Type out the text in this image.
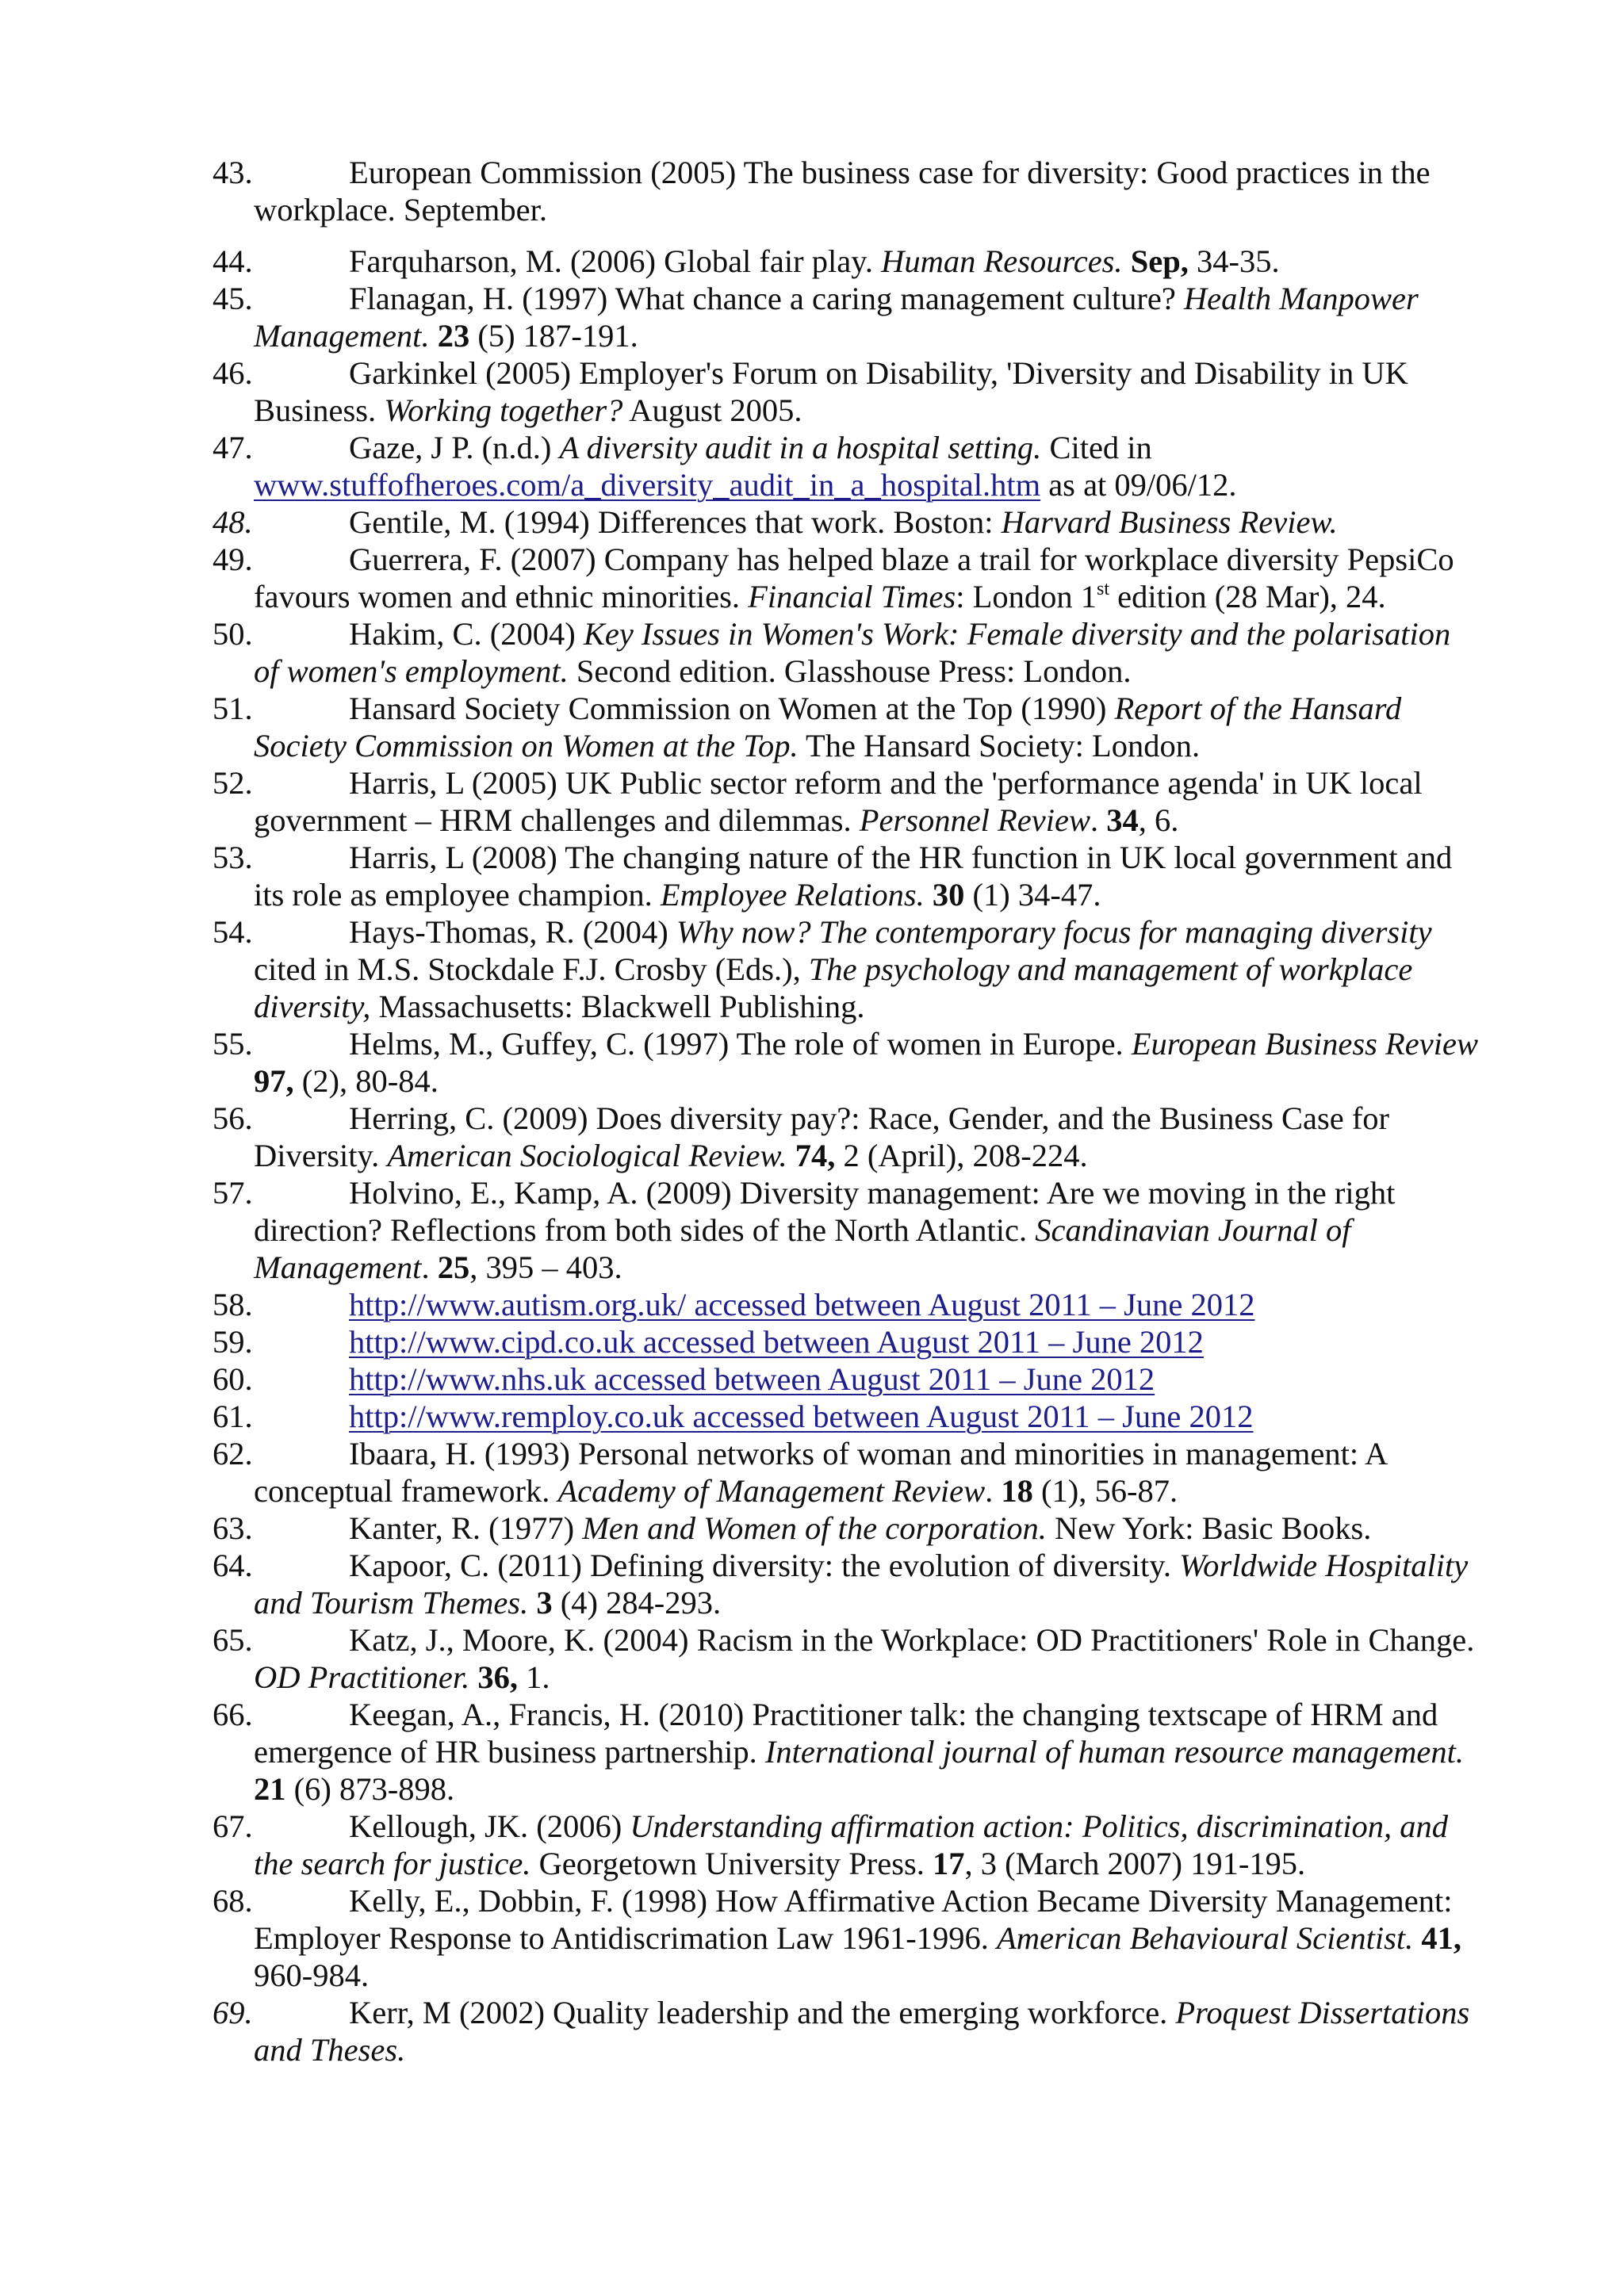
43.	European Commission (2005) The business case for diversity: Good practices in the workplace. September.
44.	Farquharson, M. (2006) Global fair play. Human Resources. Sep, 34-35.
45.	Flanagan, H. (1997) What chance a caring management culture? Health Manpower Management. 23 (5) 187-191.
46.	Garkinkel (2005) Employer's Forum on Disability, 'Diversity and Disability in UK Business. Working together? August 2005.
47.	Gaze, J P. (n.d.) A diversity audit in a hospital setting. Cited in www.stuffofheroes.com/a_diversity_audit_in_a_hospital.htm as at 09/06/12.
48.	Gentile, M. (1994) Differences that work. Boston: Harvard Business Review.
49.	Guerrera, F. (2007) Company has helped blaze a trail for workplace diversity PepsiCo favours women and ethnic minorities. Financial Times: London 1st edition (28 Mar), 24.
50.	Hakim, C. (2004) Key Issues in Women's Work: Female diversity and the polarisation of women's employment. Second edition. Glasshouse Press: London.
51.	Hansard Society Commission on Women at the Top (1990) Report of the Hansard Society Commission on Women at the Top. The Hansard Society: London.
52.	Harris, L (2005) UK Public sector reform and the 'performance agenda' in UK local government – HRM challenges and dilemmas. Personnel Review. 34, 6.
53.	Harris, L (2008) The changing nature of the HR function in UK local government and its role as employee champion. Employee Relations. 30 (1) 34-47.
54.	Hays-Thomas, R. (2004) Why now? The contemporary focus for managing diversity cited in M.S. Stockdale F.J. Crosby (Eds.), The psychology and management of workplace diversity, Massachusetts: Blackwell Publishing.
55.	Helms, M., Guffey, C. (1997) The role of women in Europe. European Business Review 97, (2), 80-84.
56.	Herring, C. (2009) Does diversity pay?: Race, Gender, and the Business Case for Diversity. American Sociological Review. 74, 2 (April), 208-224.
57.	Holvino, E., Kamp, A. (2009) Diversity management: Are we moving in the right direction? Reflections from both sides of the North Atlantic. Scandinavian Journal of Management. 25, 395 – 403.
58.	http://www.autism.org.uk/ accessed between August 2011 – June 2012
59.	http://www.cipd.co.uk accessed between August 2011 – June 2012
60.	http://www.nhs.uk accessed between August 2011 – June 2012
61.	http://www.remploy.co.uk accessed between August 2011 – June 2012
62.	Ibaara, H. (1993) Personal networks of woman and minorities in management: A conceptual framework. Academy of Management Review. 18 (1), 56-87.
63.	Kanter, R. (1977) Men and Women of the corporation. New York: Basic Books.
64.	Kapoor, C. (2011) Defining diversity: the evolution of diversity. Worldwide Hospitality and Tourism Themes. 3 (4) 284-293.
65.	Katz, J., Moore, K. (2004) Racism in the Workplace: OD Practitioners' Role in Change. OD Practitioner. 36, 1.
66.	Keegan, A., Francis, H. (2010) Practitioner talk: the changing textscape of HRM and emergence of HR business partnership. International journal of human resource management. 21 (6) 873-898.
67.	Kellough, JK. (2006) Understanding affirmation action: Politics, discrimination, and the search for justice. Georgetown University Press. 17, 3 (March 2007) 191-195.
68.	Kelly, E., Dobbin, F. (1998) How Affirmative Action Became Diversity Management: Employer Response to Antidiscrimation Law 1961-1996. American Behavioural Scientist. 41, 960-984.
69.	Kerr, M (2002) Quality leadership and the emerging workforce. Proquest Dissertations and Theses.
